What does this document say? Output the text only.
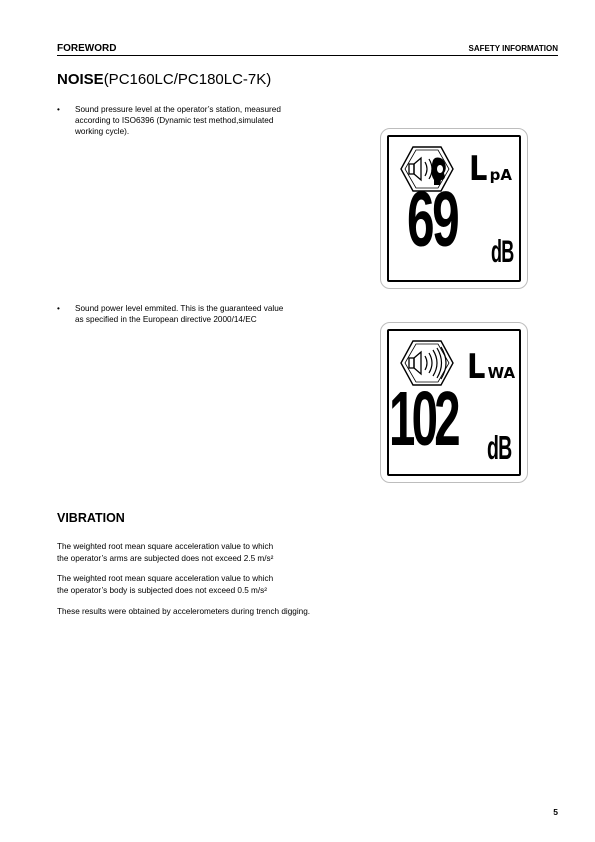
FOREWORD	SAFETY INFORMATION
NOISE(PC160LC/PC180LC-7K)
• Sound pressure level at the operator’s station, measured
according to ISO6396 (Dynamic test method,simulated
working cycle).
LpA
69 dB
• Sound power level emmited. This is the guaranteed value
as specified in the European directive 2000/14/EC
LWA
102 dB
VIBRATION
The weighted root mean square acceleration value to which
the operator’s arms are subjected does not exceed 2.5 m/s²
The weighted root mean square acceleration value to which
the operator’s body is subjected does not exceed 0.5 m/s²
These results were obtained by accelerometers during trench digging.
5
